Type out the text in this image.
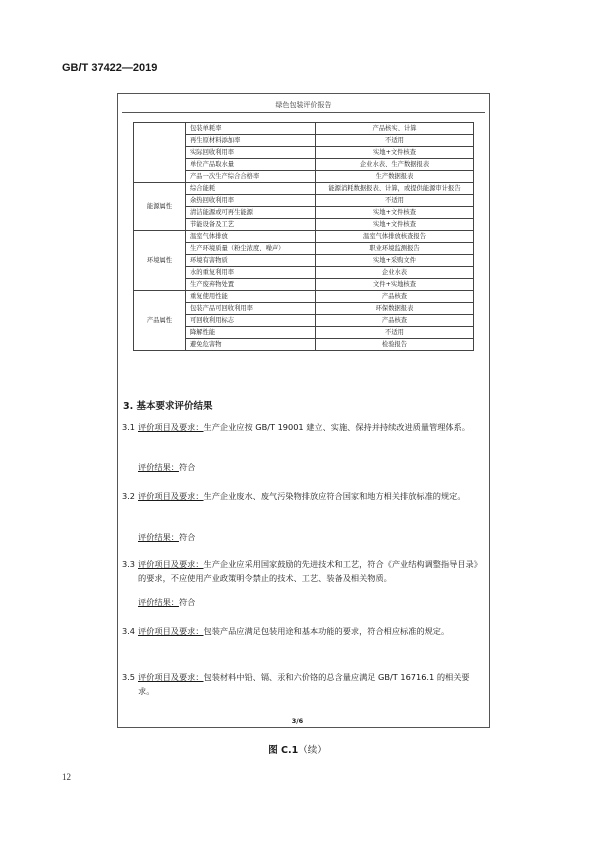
GB/T 37422—2019
绿色包装评价报告
	包装单耗率	产品核实、计算
	再生原材料添加率	不适用
	实际回收利用率	实地+文件核查
	单位产品取水量	企业水表、生产数据报表
	产品一次生产综合合格率	生产数据报表
能源属性	综合能耗	能源消耗数据报表、计算，或提供能源审计报告
	余热回收利用率	不适用
	清洁能源或可再生能源	实地+文件核查
	节能设备及工艺	实地+文件核查
环境属性	温室气体排放	温室气体排放核查报告
	生产环境质量（粉尘浓度、噪声）	职业环境监测报告
	环境有害物质	实地+采购文件
	水的重复利用率	企业水表
	生产废弃物处置	文件+实地核查
产品属性	重复使用性能	产品核查
	包装产品可回收利用率	环保数据报表
	可回收利用标志	产品核查
	降解性能	不适用
	避免危害物	检验报告
3. 基本要求评价结果
3.1 评价项目及要求：生产企业应按 GB/T 19001 建立、实施、保持并持续改进质量管理体系。
评价结果：符合
3.2 评价项目及要求：生产企业废水、废气污染物排放应符合国家和地方相关排放标准的规定。
评价结果：符合
3.3 评价项目及要求：生产企业应采用国家鼓励的先进技术和工艺，符合《产业结构调整指导目录》的要求，不应使用产业政策明令禁止的技术、工艺、装备及相关物质。
评价结果：符合
3.4 评价项目及要求：包装产品应满足包装用途和基本功能的要求，符合相应标准的规定。
3.5 评价项目及要求：包装材料中铅、镉、汞和六价铬的总含量应满足 GB/T 16716.1 的相关要求。
3/6
图 C.1（续）
12
